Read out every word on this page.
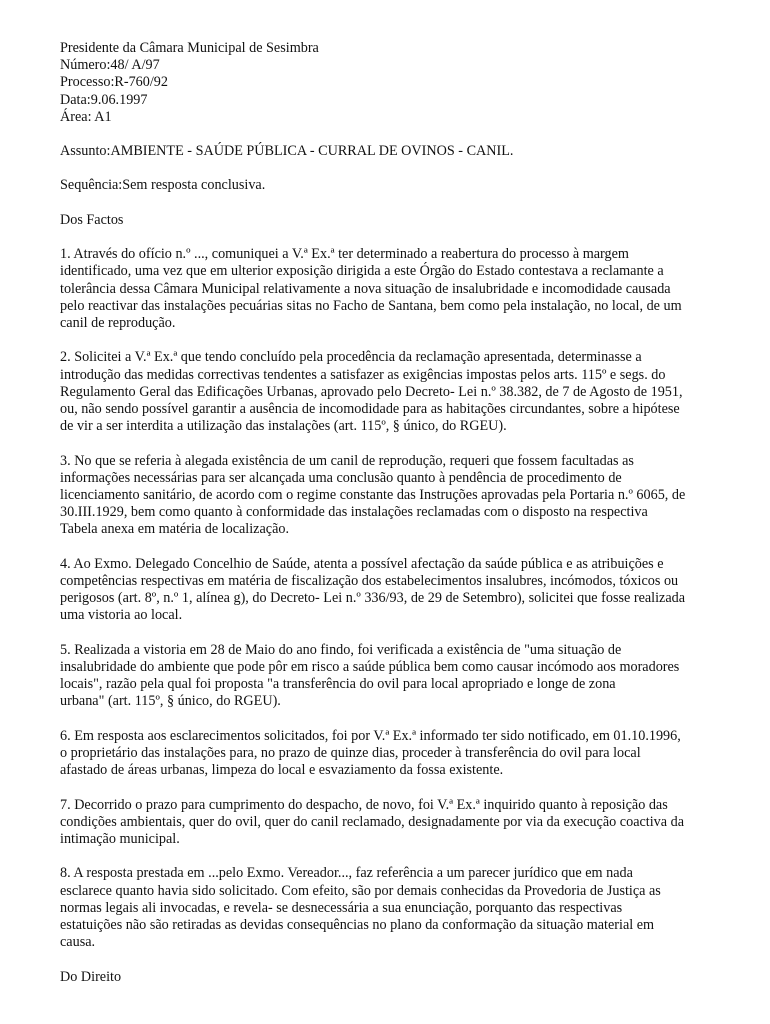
Presidente da Câmara Municipal de Sesimbra
Número:48/ A/97
Processo:R-760/92
Data:9.06.1997
Área: A1
Assunto:AMBIENTE - SAÚDE PÚBLICA - CURRAL DE OVINOS - CANIL.
Sequência:Sem resposta conclusiva.
Dos Factos
1. Através do ofício n.º ..., comuniquei a V.ª Ex.ª ter determinado a reabertura do processo à margem
identificado, uma vez que em ulterior exposição dirigida a este Órgão do Estado contestava a reclamante a
tolerância dessa Câmara Municipal relativamente a nova situação de insalubridade e incomodidade causada
pelo reactivar das instalações pecuárias sitas no Facho de Santana, bem como pela instalação, no local, de um
canil de reprodução.
2. Solicitei a V.ª Ex.ª que tendo concluído pela procedência da reclamação apresentada, determinasse a
introdução das medidas correctivas tendentes a satisfazer as exigências impostas pelos arts. 115º e segs. do
Regulamento Geral das Edificações Urbanas, aprovado pelo Decreto- Lei n.º 38.382, de 7 de Agosto de 1951,
ou, não sendo possível garantir a ausência de incomodidade para as habitações circundantes, sobre a hipótese
de vir a ser interdita a utilização das instalações (art. 115º, § único, do RGEU).
3. No que se referia à alegada existência de um canil de reprodução, requeri que fossem facultadas as
informações necessárias para ser alcançada uma conclusão quanto à pendência de procedimento de
licenciamento sanitário, de acordo com o regime constante das Instruções aprovadas pela Portaria n.º 6065, de
30.III.1929, bem como quanto à conformidade das instalações reclamadas com o disposto na respectiva
Tabela anexa em matéria de localização.
4. Ao Exmo. Delegado Concelhio de Saúde, atenta a possível afectação da saúde pública e as atribuições e
competências respectivas em matéria de fiscalização dos estabelecimentos insalubres, incómodos, tóxicos ou
perigosos (art. 8º, n.º 1, alínea g), do Decreto- Lei n.º 336/93, de 29 de Setembro), solicitei que fosse realizada
uma vistoria ao local.
5. Realizada a vistoria em 28 de Maio do ano findo, foi verificada a existência de "uma situação de
insalubridade do ambiente que pode pôr em risco a saúde pública bem como causar incómodo aos moradores
locais", razão pela qual foi proposta "a transferência do ovil para local apropriado e longe de zona
urbana" (art. 115º, § único, do RGEU).
6. Em resposta aos esclarecimentos solicitados, foi por V.ª Ex.ª informado ter sido notificado, em 01.10.1996,
o proprietário das instalações para, no prazo de quinze dias, proceder à transferência do ovil para local
afastado de áreas urbanas, limpeza do local e esvaziamento da fossa existente.
7. Decorrido o prazo para cumprimento do despacho, de novo, foi V.ª Ex.ª inquirido quanto à reposição das
condições ambientais, quer do ovil, quer do canil reclamado, designadamente por via da execução coactiva da
intimação municipal.
8. A resposta prestada em ...pelo Exmo. Vereador..., faz referência a um parecer jurídico que em nada
esclarece quanto havia sido solicitado. Com efeito, são por demais conhecidas da Provedoria de Justiça as
normas legais ali invocadas, e revela- se desnecessária a sua enunciação, porquanto das respectivas
estatuições não são retiradas as devidas consequências no plano da conformação da situação material em
causa.
Do Direito
